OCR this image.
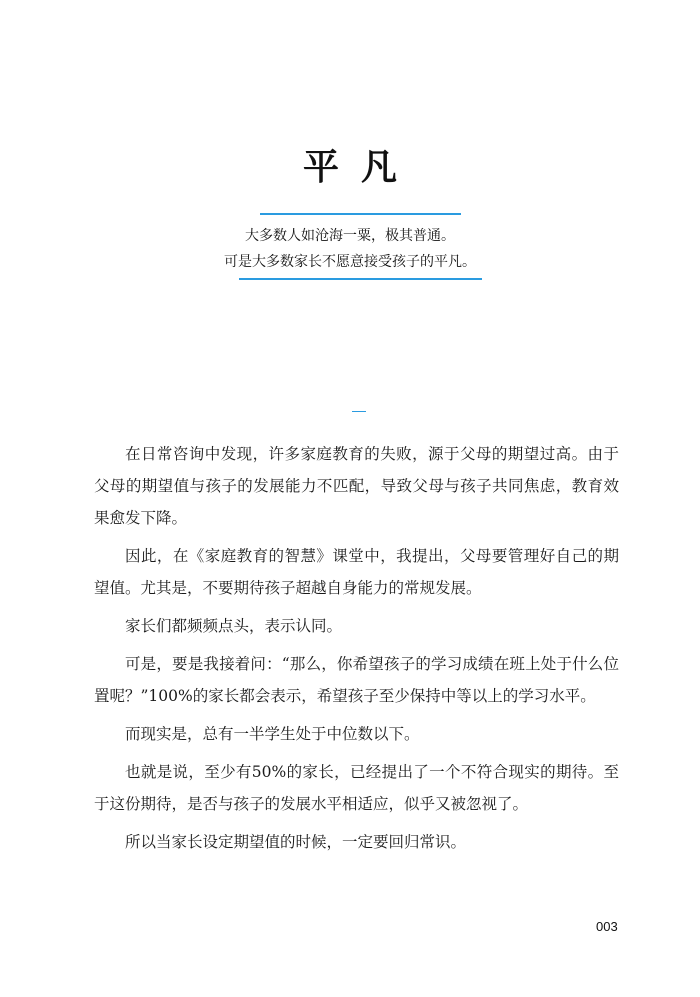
平凡
大多数人如沧海一粟，极其普通。
可是大多数家长不愿意接受孩子的平凡。

在日常咨询中发现，许多家庭教育的失败，源于父母的期望过高。由于父母的期望值与孩子的发展能力不匹配，导致父母与孩子共同焦虑，教育效果愈发下降。

因此，在《家庭教育的智慧》课堂中，我提出，父母要管理好自己的期望值。尤其是，不要期待孩子超越自身能力的常规发展。

家长们都频频点头，表示认同。

可是，要是我接着问：“那么，你希望孩子的学习成绩在班上处于什么位置呢？”100%的家长都会表示，希望孩子至少保持中等以上的学习水平。

而现实是，总有一半学生处于中位数以下。

也就是说，至少有50%的家长，已经提出了一个不符合现实的期待。至于这份期待，是否与孩子的发展水平相适应，似乎又被忽视了。

所以当家长设定期望值的时候，一定要回归常识。

003
